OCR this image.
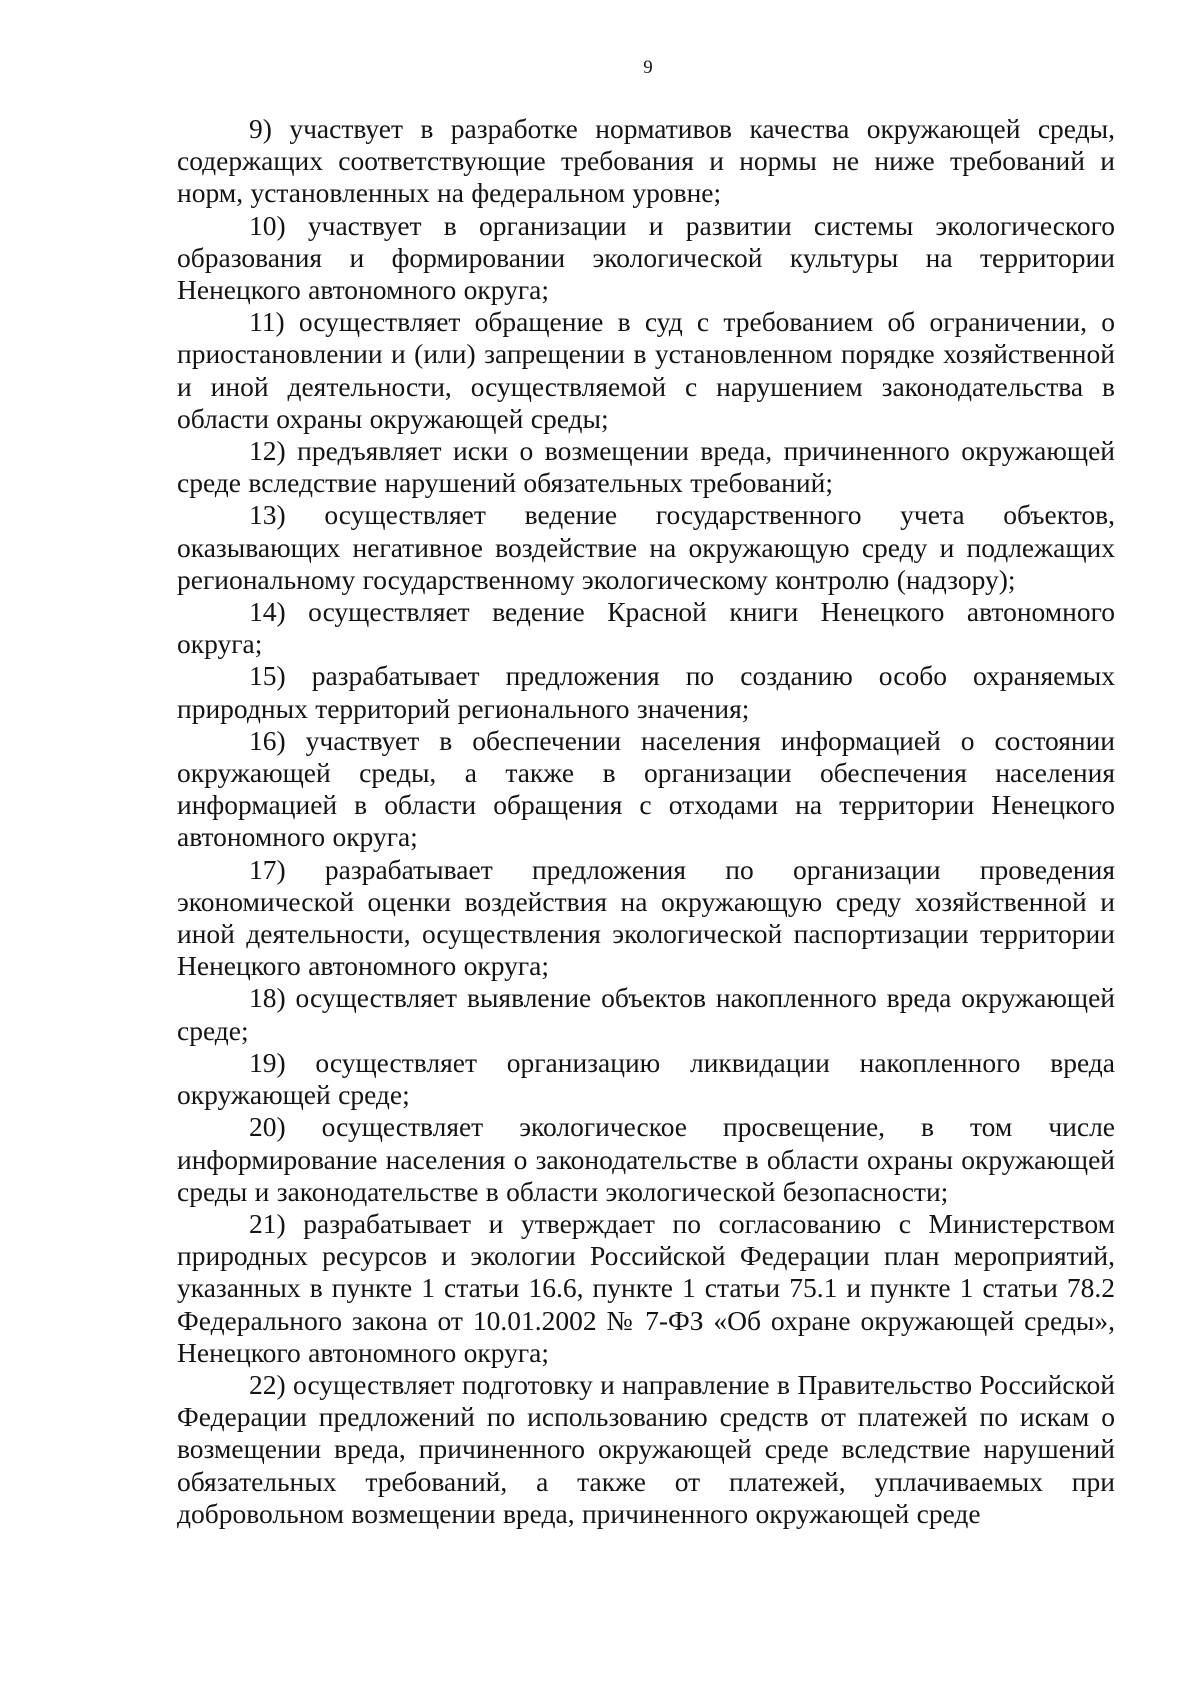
9

9) участвует в разработке нормативов качества окружающей среды, содержащих соответствующие требования и нормы не ниже требований и норм, установленных на федеральном уровне;

10) участвует в организации и развитии системы экологического образования и формировании экологической культуры на территории Ненецкого автономного округа;

11) осуществляет обращение в суд с требованием об ограничении, о приостановлении и (или) запрещении в установленном порядке хозяйственной и иной деятельности, осуществляемой с нарушением законодательства в области охраны окружающей среды;

12) предъявляет иски о возмещении вреда, причиненного окружающей среде вследствие нарушений обязательных требований;

13) осуществляет ведение государственного учета объектов, оказывающих негативное воздействие на окружающую среду и подлежащих региональному государственному экологическому контролю (надзору);

14) осуществляет ведение Красной книги Ненецкого автономного округа;

15) разрабатывает предложения по созданию особо охраняемых природных территорий регионального значения;

16) участвует в обеспечении населения информацией о состоянии окружающей среды, а также в организации обеспечения населения информацией в области обращения с отходами на территории Ненецкого автономного округа;

17) разрабатывает предложения по организации проведения экономической оценки воздействия на окружающую среду хозяйственной и иной деятельности, осуществления экологической паспортизации территории Ненецкого автономного округа;

18) осуществляет выявление объектов накопленного вреда окружающей среде;

19) осуществляет организацию ликвидации накопленного вреда окружающей среде;

20) осуществляет экологическое просвещение, в том числе информирование населения о законодательстве в области охраны окружающей среды и законодательстве в области экологической безопасности;

21) разрабатывает и утверждает по согласованию с Министерством природных ресурсов и экологии Российской Федерации план мероприятий, указанных в пункте 1 статьи 16.6, пункте 1 статьи 75.1 и пункте 1 статьи 78.2 Федерального закона от 10.01.2002 № 7-ФЗ «Об охране окружающей среды», Ненецкого автономного округа;

22) осуществляет подготовку и направление в Правительство Российской Федерации предложений по использованию средств от платежей по искам о возмещении вреда, причиненного окружающей среде вследствие нарушений обязательных требований, а также от платежей, уплачиваемых при добровольном возмещении вреда, причиненного окружающей среде
